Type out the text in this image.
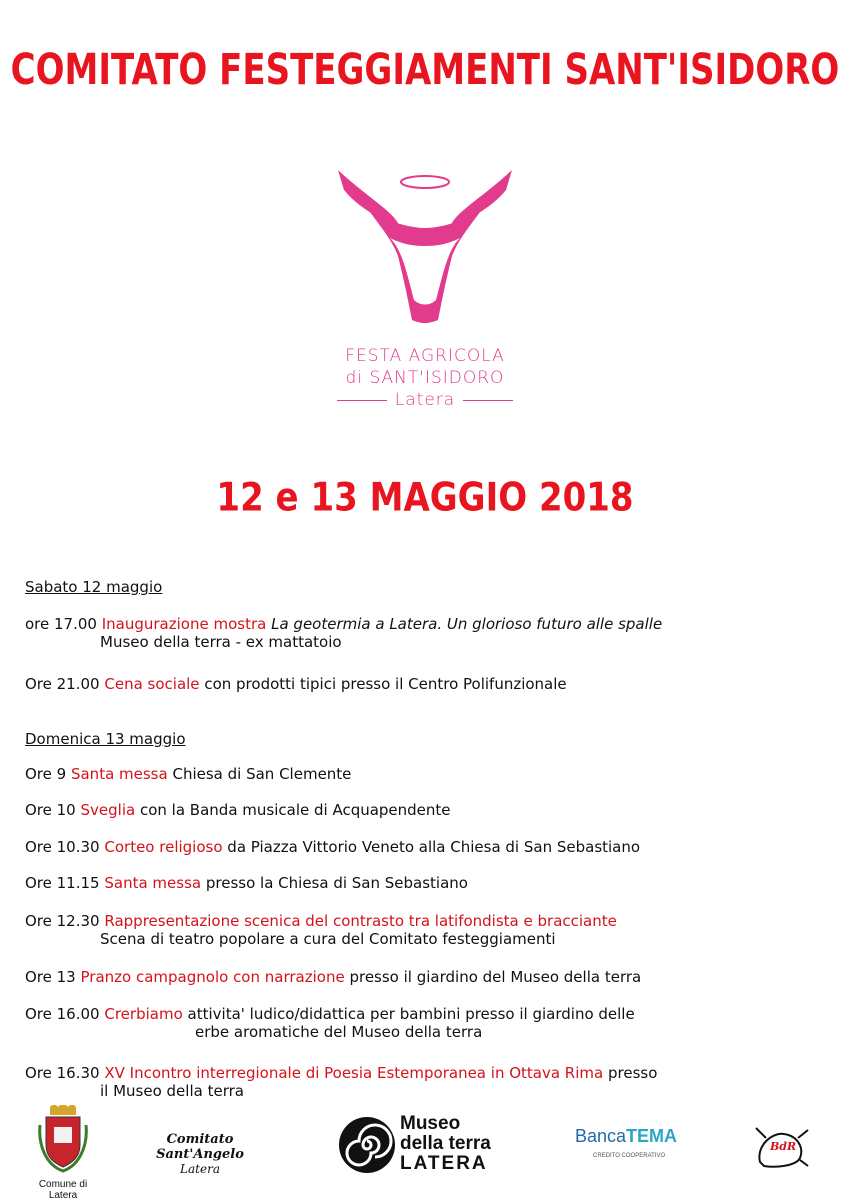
COMITATO FESTEGGIAMENTI SANT'ISIDORO
FESTA AGRICOLA
di SANT'ISIDORO
Latera
12 e 13 MAGGIO 2018
Sabato 12 maggio
ore 17.00 Inaugurazione mostra La geotermia a Latera. Un glorioso futuro alle spalle
Museo della terra - ex mattatoio
Ore 21.00 Cena sociale con prodotti tipici presso il Centro Polifunzionale
Domenica 13 maggio
Ore 9 Santa messa Chiesa di San Clemente
Ore 10 Sveglia con la Banda musicale di Acquapendente
Ore 10.30 Corteo religioso da Piazza Vittorio Veneto alla Chiesa di San Sebastiano
Ore 11.15 Santa messa presso la Chiesa di San Sebastiano
Ore 12.30 Rappresentazione scenica del contrasto tra latifondista e bracciante
Scena di teatro popolare a cura del Comitato festeggiamenti
Ore 13 Pranzo campagnolo con narrazione presso il giardino del Museo della terra
Ore 16.00 Crerbiamo attivita' ludico/didattica per bambini presso il giardino delle
erbe aromatiche del Museo della terra
Ore 16.30 XV Incontro interregionale di Poesia Estemporanea in Ottava Rima presso
il Museo della terra
Comune di Latera
Comitato Sant'Angelo
Latera
Museo
della terra
LATERA
BancaTEMA
CREDITO COOPERATIVO
BdR
